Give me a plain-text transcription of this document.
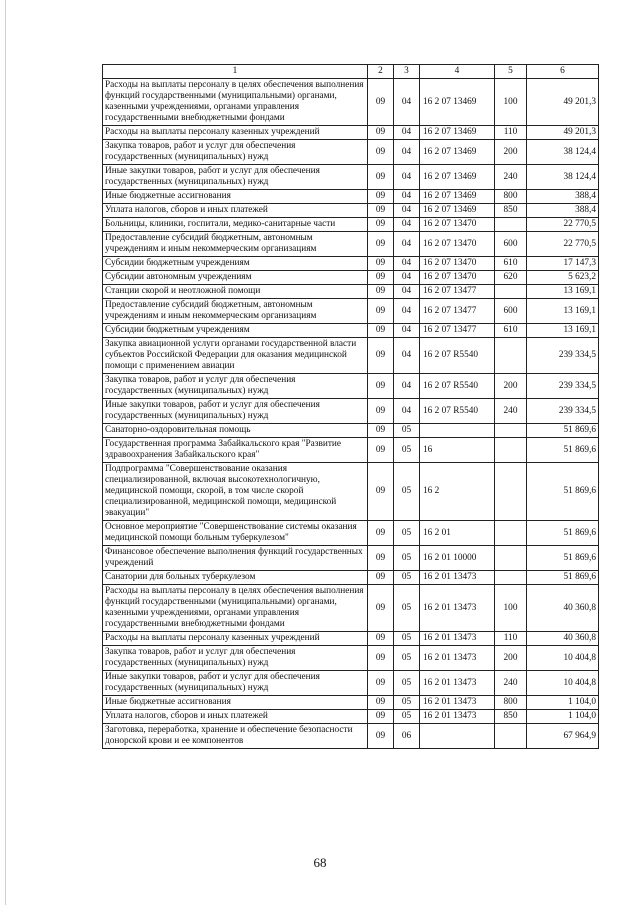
1	2	3	4	5	6
Расходы на выплаты персоналу в целях обеспечения выполнения функций государственными (муниципальными) органами, казенными учреждениями, органами управления государственными внебюджетными фондами	09	04	16 2 07 13469	100	49 201,3
Расходы на выплаты персоналу казенных учреждений	09	04	16 2 07 13469	110	49 201,3
Закупка товаров, работ и услуг для обеспечения государственных (муниципальных) нужд	09	04	16 2 07 13469	200	38 124,4
Иные закупки товаров, работ и услуг для обеспечения государственных (муниципальных) нужд	09	04	16 2 07 13469	240	38 124,4
Иные бюджетные ассигнования	09	04	16 2 07 13469	800	388,4
Уплата налогов, сборов и иных платежей	09	04	16 2 07 13469	850	388,4
Больницы, клиники, госпитали, медико-санитарные части	09	04	16 2 07 13470		22 770,5
Предоставление субсидий бюджетным, автономным учреждениям и иным некоммерческим организациям	09	04	16 2 07 13470	600	22 770,5
Субсидии бюджетным учреждениям	09	04	16 2 07 13470	610	17 147,3
Субсидии автономным учреждениям	09	04	16 2 07 13470	620	5 623,2
Станции скорой и неотложной помощи	09	04	16 2 07 13477		13 169,1
Предоставление субсидий бюджетным, автономным учреждениям и иным некоммерческим организациям	09	04	16 2 07 13477	600	13 169,1
Субсидии бюджетным учреждениям	09	04	16 2 07 13477	610	13 169,1
Закупка авиационной услуги органами государственной власти субъектов Российской Федерации для оказания медицинской помощи с применением авиации	09	04	16 2 07 R5540		239 334,5
Закупка товаров, работ и услуг для обеспечения государственных (муниципальных) нужд	09	04	16 2 07 R5540	200	239 334,5
Иные закупки товаров, работ и услуг для обеспечения государственных (муниципальных) нужд	09	04	16 2 07 R5540	240	239 334,5
Санаторно-оздоровительная помощь	09	05			51 869,6
Государственная программа Забайкальского края "Развитие здравоохранения Забайкальского края"	09	05	16		51 869,6
Подпрограмма "Совершенствование оказания специализированной, включая высокотехнологичную, медицинской помощи, скорой, в том числе скорой специализированной, медицинской помощи, медицинской эвакуации"	09	05	16 2		51 869,6
Основное мероприятие "Совершенствование системы оказания медицинской помощи больным туберкулезом"	09	05	16 2 01		51 869,6
Финансовое обеспечение выполнения функций государственных учреждений	09	05	16 2 01 10000		51 869,6
Санатории для больных туберкулезом	09	05	16 2 01 13473		51 869,6
Расходы на выплаты персоналу в целях обеспечения выполнения функций государственными (муниципальными) органами, казенными учреждениями, органами управления государственными внебюджетными фондами	09	05	16 2 01 13473	100	40 360,8
Расходы на выплаты персоналу казенных учреждений	09	05	16 2 01 13473	110	40 360,8
Закупка товаров, работ и услуг для обеспечения государственных (муниципальных) нужд	09	05	16 2 01 13473	200	10 404,8
Иные закупки товаров, работ и услуг для обеспечения государственных (муниципальных) нужд	09	05	16 2 01 13473	240	10 404,8
Иные бюджетные ассигнования	09	05	16 2 01 13473	800	1 104,0
Уплата налогов, сборов и иных платежей	09	05	16 2 01 13473	850	1 104,0
Заготовка, переработка, хранение и обеспечение безопасности донорской крови и ее компонентов	09	06			67 964,9
68
